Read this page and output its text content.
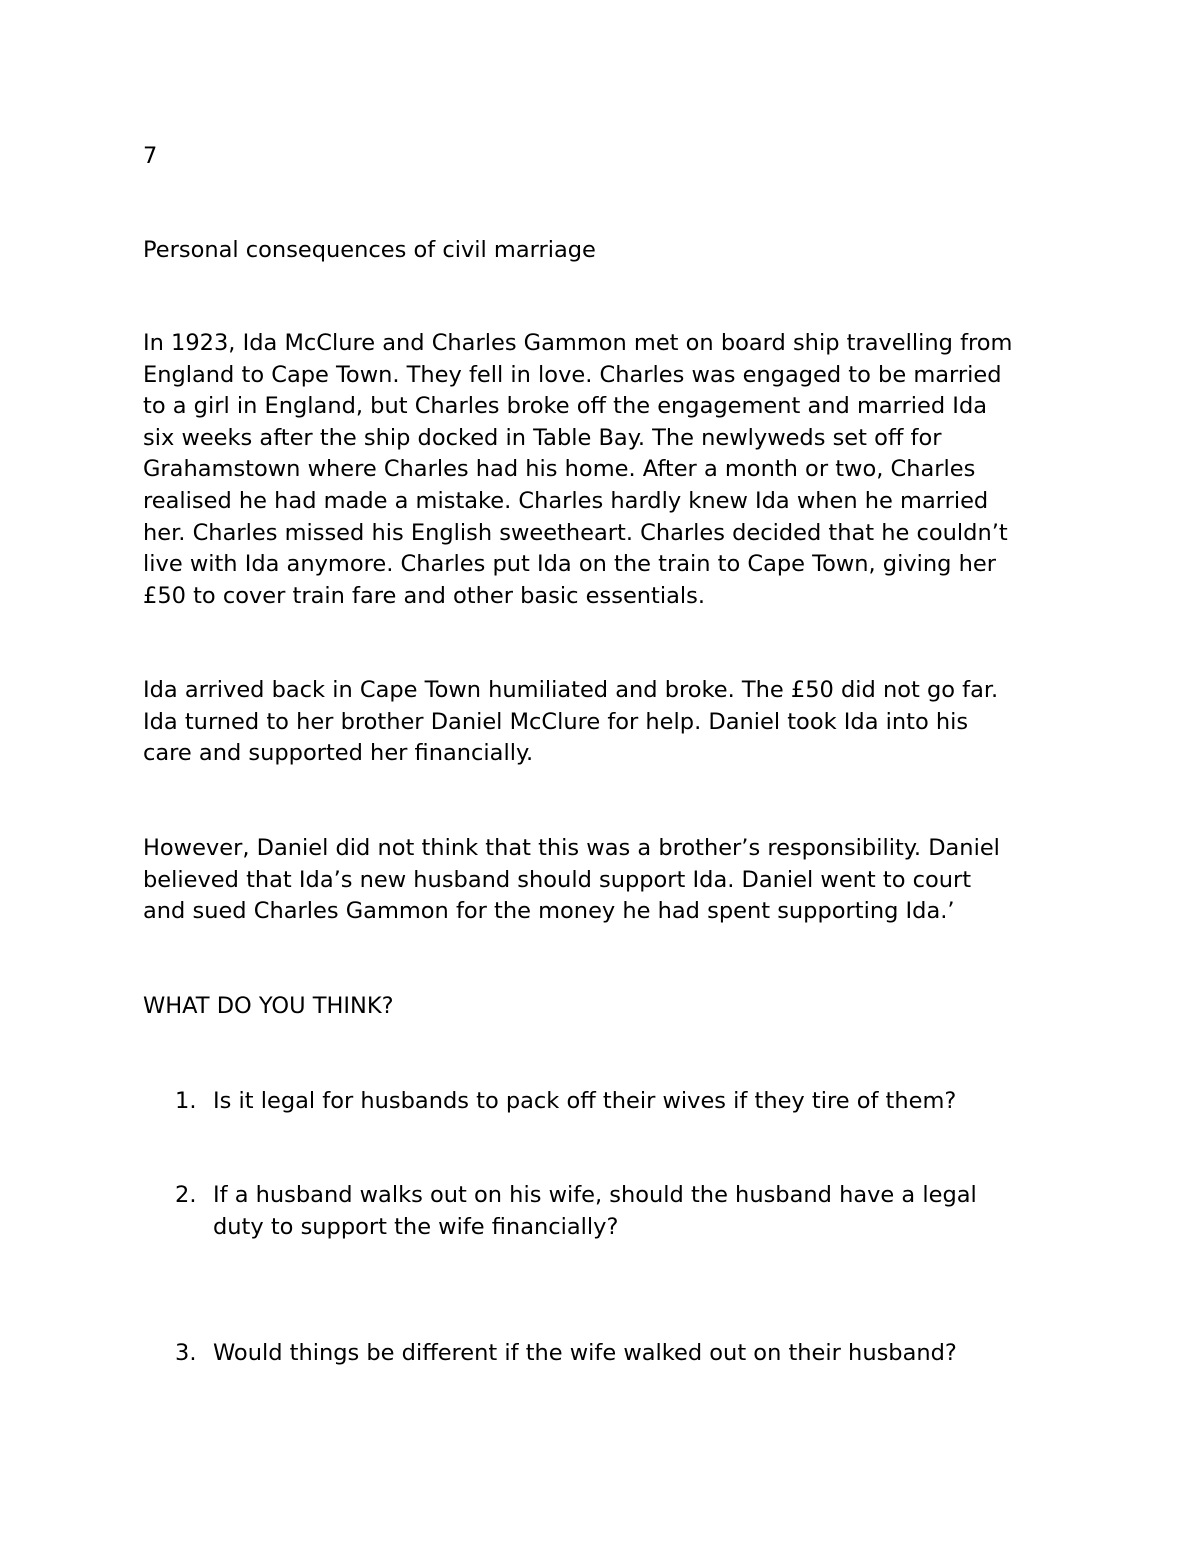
7

Personal consequences of civil marriage

In 1923, Ida McClure and Charles Gammon met on board ship travelling from
England to Cape Town. They fell in love. Charles was engaged to be married
to a girl in England, but Charles broke off the engagement and married Ida
six weeks after the ship docked in Table Bay. The newlyweds set off for
Grahamstown where Charles had his home. After a month or two, Charles
realised he had made a mistake. Charles hardly knew Ida when he married
her. Charles missed his English sweetheart. Charles decided that he couldn’t
live with Ida anymore. Charles put Ida on the train to Cape Town, giving her
£50 to cover train fare and other basic essentials.
Ida arrived back in Cape Town humiliated and broke. The £50 did not go far.
Ida turned to her brother Daniel McClure for help. Daniel took Ida into his
care and supported her financially.
However, Daniel did not think that this was a brother’s responsibility. Daniel
believed that Ida’s new husband should support Ida. Daniel went to court
and sued Charles Gammon for the money he had spent supporting Ida.’

WHAT DO YOU THINK?

1. Is it legal for husbands to pack off their wives if they tire of them?

2. If a husband walks out on his wife, should the husband have a legal
duty to support the wife financially?

3. Would things be different if the wife walked out on their husband?
